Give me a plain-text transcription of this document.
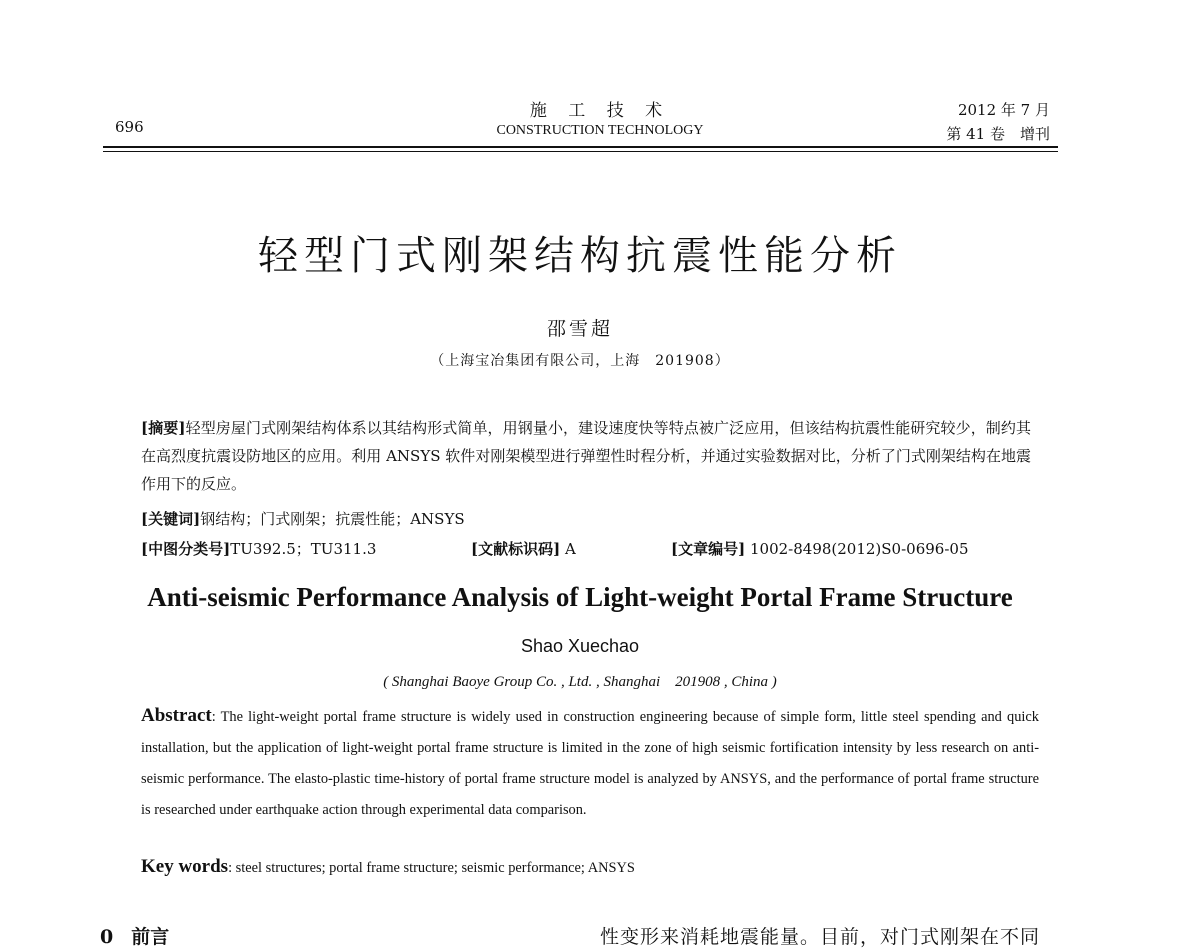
696
施 工 技 术
CONSTRUCTION TECHNOLOGY
2012 年 7 月
第 41 卷　增刊
轻型门式刚架结构抗震性能分析
邵雪超
（上海宝冶集团有限公司，上海　201908）
[摘要]轻型房屋门式刚架结构体系以其结构形式简单，用钢量小，建设速度快等特点被广泛应用，但该结构抗震性能研究较少，制约其在高烈度抗震设防地区的应用。利用 ANSYS 软件对刚架模型进行弹塑性时程分析，并通过实验数据对比，分析了门式刚架结构在地震作用下的反应。
[关键词]钢结构；门式刚架；抗震性能；ANSYS
[中图分类号]TU392.5；TU311.3	[文献标识码] A	[文章编号] 1002-8498(2012)S0-0696-05
Anti-seismic Performance Analysis of Light-weight Portal Frame Structure
Shao Xuechao
( Shanghai Baoye Group Co. , Ltd. , Shanghai　201908 , China )
Abstract: The light-weight portal frame structure is widely used in construction engineering because of simple form, little steel spending and quick installation, but the application of light-weight portal frame structure is limited in the zone of high seismic fortification intensity by less research on anti-seismic performance. The elasto-plastic time-history of portal frame structure model is analyzed by ANSYS, and the performance of portal frame structure is researched under earthquake action through experimental data comparison.
Key words: steel structures; portal frame structure; seismic performance; ANSYS
0 前言	性变形来消耗地震能量。目前，对门式刚架在不同
